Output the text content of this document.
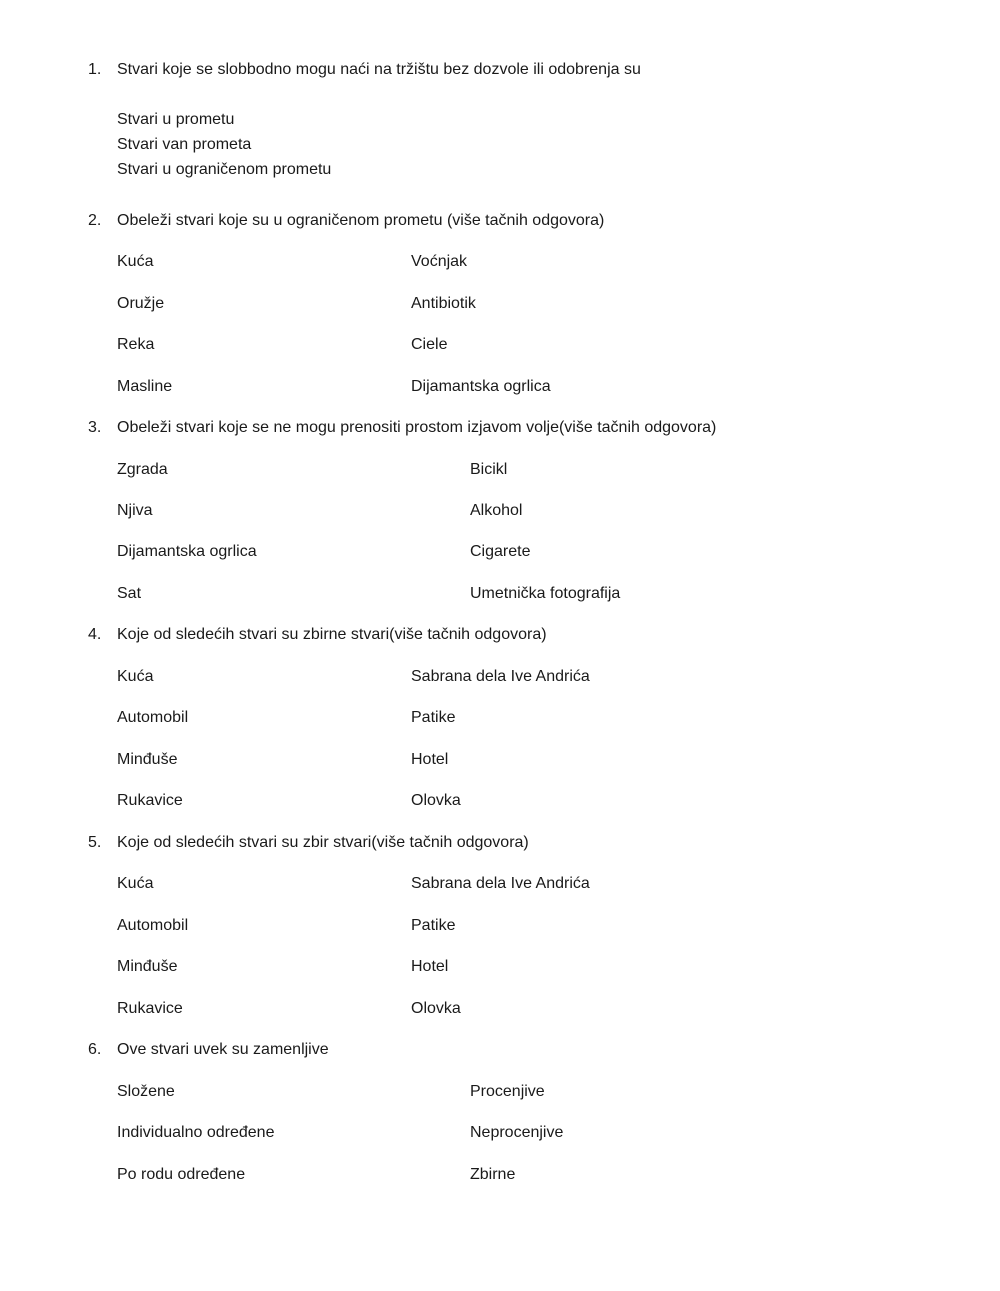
1. Stvari koje se slobbodno mogu naći na tržištu bez dozvole ili odobrenja su
Stvari u prometu
Stvari van prometa
Stvari u ograničenom prometu
2. Obeleži stvari koje su u ograničenom prometu (više tačnih odgovora)
Kuća
Oružje
Reka
Masline
Voćnjak
Antibiotik
Ciele
Dijamantska ogrlica
3. Obeleži stvari koje se ne mogu prenositi prostom izjavom volje(više tačnih odgovora)
Zgrada
Njiva
Dijamantska ogrlica
Sat
Bicikl
Alkohol
Cigarete
Umetnička fotografija
4. Koje od sledećih stvari su zbirne stvari(više tačnih odgovora)
Kuća
Automobil
Minđuše
Rukavice
Sabrana dela Ive Andrića
Patike
Hotel
Olovka
5. Koje od sledećih stvari su zbir stvari(više tačnih odgovora)
Kuća
Automobil
Minđuše
Rukavice
Sabrana dela Ive Andrića
Patike
Hotel
Olovka
6. Ove stvari uvek su zamenljive
Složene
Individualno određene
Po rodu određene
Procenjive
Neprocenjive
Zbirne
